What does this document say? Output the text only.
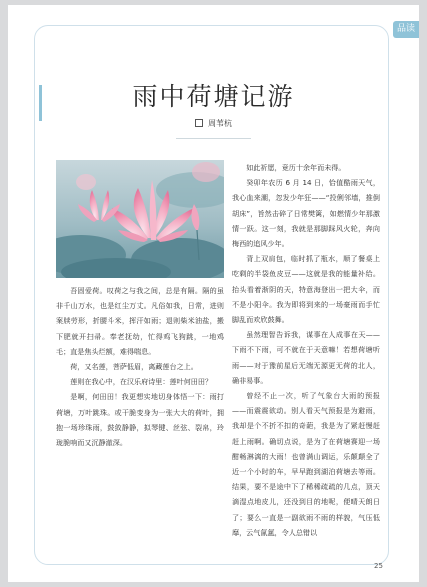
品读
雨中荷塘记游
周苇杭

吾固爱荷。叹荷之与我之间，总是有隔。隔的虽非千山万水，也是红尘万丈。凡俗如我，日常，进则案牍劳形，折腰斗米，挥汗如雨；退则柴米油盐，搬下肥就开扫帚。奉老抚幼，忙得鸡飞狗跳，一地鸡毛；直是焦头烂额，难得喘息。

荷，又名莲，菩萨低眉，离藏莲台之上。

莲则在我心中，在汉乐府诗里：莲叶何田田？

是啊，何田田！我更想实地切身体悟一下：雨打荷塘，万叶跳珠。或干脆变身为一张大大的荷叶，拥抱一场珍珠雨，鼓敛静静，拟琴键、丝弦、裂帛，玲珑脆响而又沉静澈深。

如此祈愿，竟历十余年而未得。

癸卯年农历 6 月 14 日，恰值酷雨天气，我心血来潮，忽发少年狂——“投俐邻墙，推倒胡床”，旨然击碎了日常樊篱，如燃情少年那激情一跃。这一刻，我就是那脚踩风火轮，奔向梅西的追风少年。

背上双肩包，临时抓了瓶水，顺了餐桌上吃剩的半袋鱼皮豆——这就是我的能量补给。抬头看着渐阴的天，特意海登出一把大伞，而不是小阳伞。我为即将到来的一场豪雨而手忙脚乱而欢欣鼓舞。

虽然理智告诉我，谋事在人成事在天——下雨不下雨，可不就在于天意嘛！若想荷塘听雨——对于豫前星后无端无源更无荷的北人，确非易事。

曾经不止一次，听了气象台大雨的预报——而震震欲动。别人看天气预报是为避雨，我却是个不折不扣的奇葩，我是为了紧赶慢赶赶上雨啊。确切点说，是为了在荷塘赛迎一场酣畅淋漓的大雨！也曾满山调运，乐颠颠全了近一个小时的车，早早跑到湖泊荷塘去等雨。结果，要不是途中下了稀稀疏疏的几点，顶天滴湿点地皮儿，还没到目的地呢，便晴天朗日了；要么一直是一副欲雨不雨的样貌，气压低靡，云气氤氲，令人总错以

25
